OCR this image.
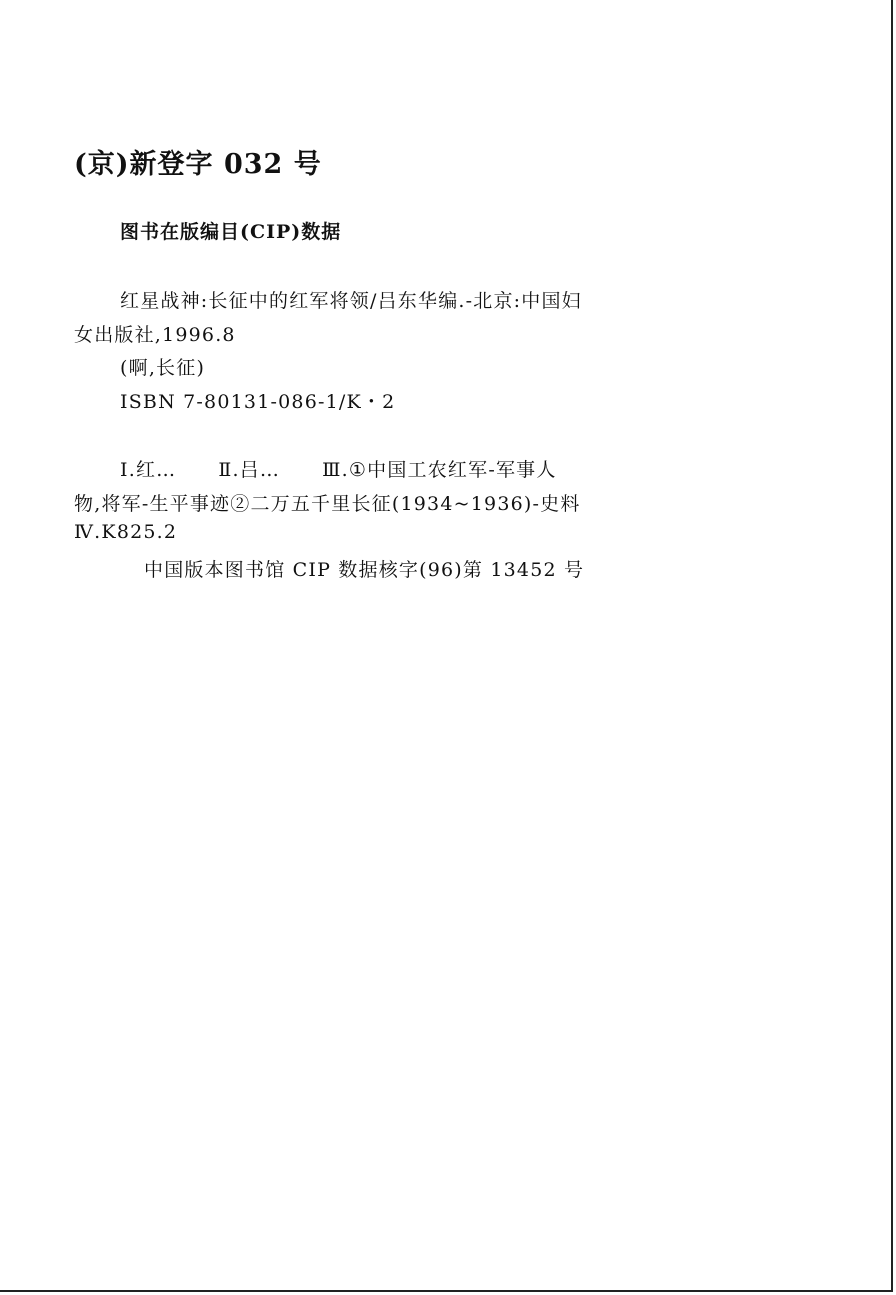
(京)新登字 032 号

图书在版编目(CIP)数据

红星战神:长征中的红军将领/吕东华编.-北京:中国妇

女出版社,1996.8

(啊,长征)

ISBN 7-80131-086-1/K・2

Ⅰ.红… Ⅱ.吕… Ⅲ.①中国工农红军-军事人

物,将军-生平事迹②二万五千里长征(1934~1936)-史料

Ⅳ.K825.2

中国版本图书馆 CIP 数据核字(96)第 13452 号
